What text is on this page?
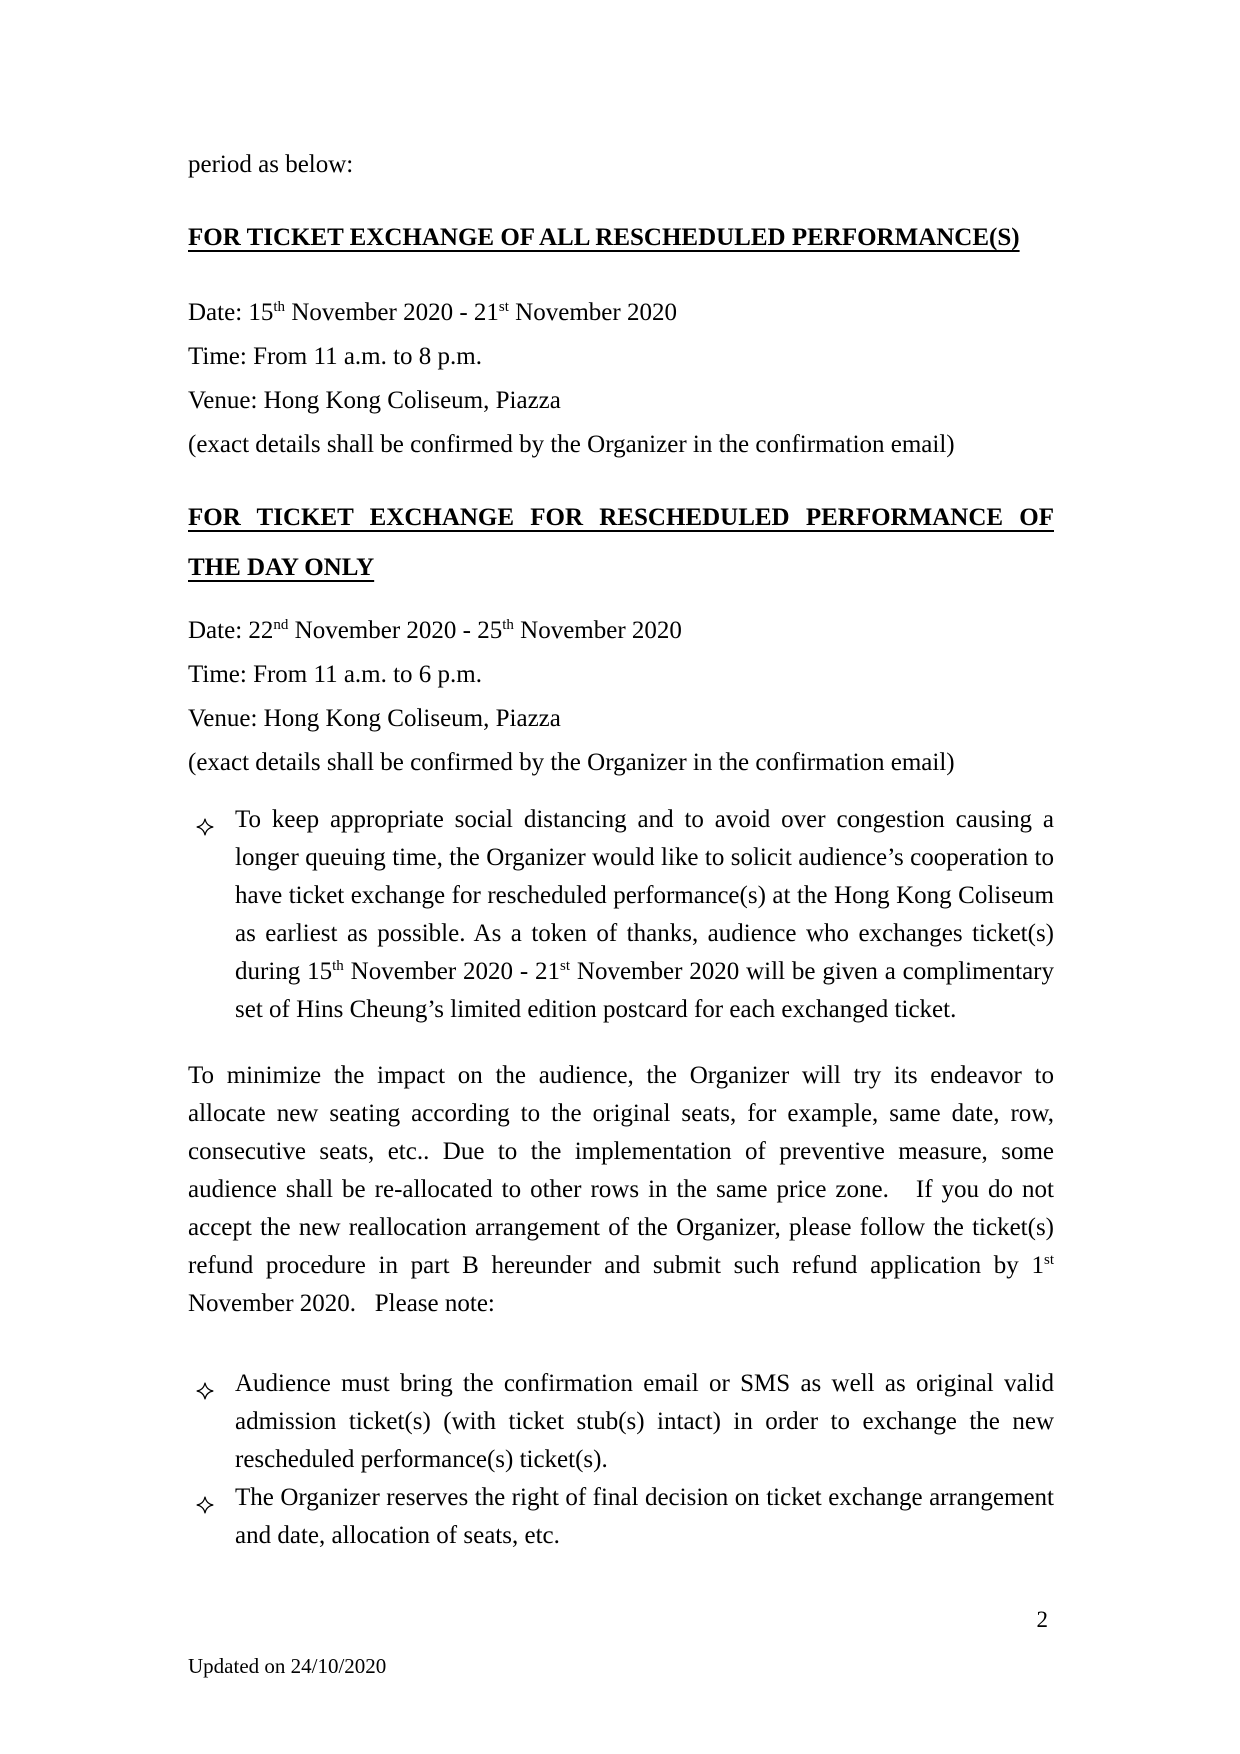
period as below:
FOR TICKET EXCHANGE OF ALL RESCHEDULED PERFORMANCE(S)
Date: 15th November 2020 - 21st November 2020
Time: From 11 a.m. to 8 p.m.
Venue: Hong Kong Coliseum, Piazza
(exact details shall be confirmed by the Organizer in the confirmation email)
FOR TICKET EXCHANGE FOR RESCHEDULED PERFORMANCE OF
THE DAY ONLY
Date: 22nd November 2020 - 25th November 2020
Time: From 11 a.m. to 6 p.m.
Venue: Hong Kong Coliseum, Piazza
(exact details shall be confirmed by the Organizer in the confirmation email)
To keep appropriate social distancing and to avoid over congestion causing a longer queuing time, the Organizer would like to solicit audience’s cooperation to have ticket exchange for rescheduled performance(s) at the Hong Kong Coliseum as earliest as possible. As a token of thanks, audience who exchanges ticket(s) during 15th November 2020 - 21st November 2020 will be given a complimentary set of Hins Cheung’s limited edition postcard for each exchanged ticket.
To minimize the impact on the audience, the Organizer will try its endeavor to allocate new seating according to the original seats, for example, same date, row, consecutive seats, etc.. Due to the implementation of preventive measure, some audience shall be re-allocated to other rows in the same price zone.   If you do not accept the new reallocation arrangement of the Organizer, please follow the ticket(s) refund procedure in part B hereunder and submit such refund application by 1st November 2020.   Please note:
Audience must bring the confirmation email or SMS as well as original valid admission ticket(s) (with ticket stub(s) intact) in order to exchange the new rescheduled performance(s) ticket(s).
The Organizer reserves the right of final decision on ticket exchange arrangement and date, allocation of seats, etc.
2
Updated on 24/10/2020
